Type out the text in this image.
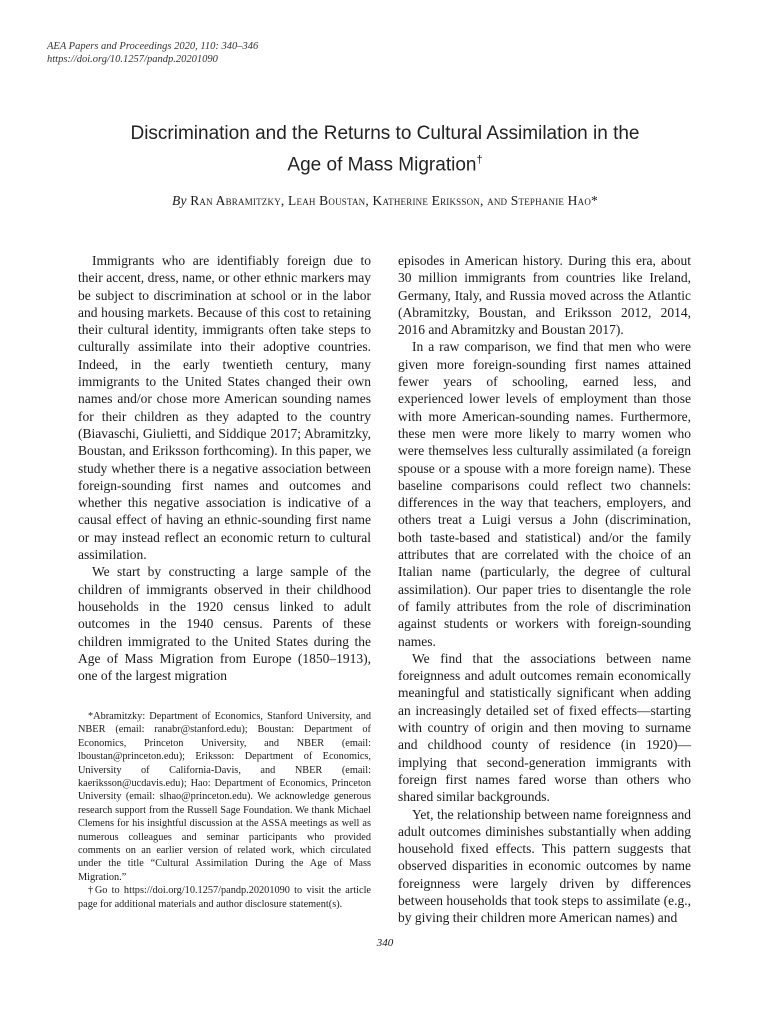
AEA Papers and Proceedings 2020, 110: 340–346
https://doi.org/10.1257/pandp.20201090
Discrimination and the Returns to Cultural Assimilation in the
Age of Mass Migration†
By Ran Abramitzky, Leah Boustan, Katherine Eriksson, and Stephanie Hao*

Immigrants who are identifiably foreign due to their accent, dress, name, or other ethnic markers may be subject to discrimination at school or in the labor and housing markets. Because of this cost to retaining their cultural identity, immigrants often take steps to culturally assimilate into their adoptive countries. Indeed, in the early twentieth century, many immigrants to the United States changed their own names and/or chose more American sounding names for their children as they adapted to the country (Biavaschi, Giulietti, and Siddique 2017; Abramitzky, Boustan, and Eriksson forthcoming). In this paper, we study whether there is a negative association between foreign-sounding first names and outcomes and whether this negative association is indicative of a causal effect of having an ethnic-sounding first name or may instead reflect an economic return to cultural assimilation.

We start by constructing a large sample of the children of immigrants observed in their childhood households in the 1920 census linked to adult outcomes in the 1940 census. Parents of these children immigrated to the United States during the Age of Mass Migration from Europe (1850–1913), one of the largest migration

*Abramitzky: Department of Economics, Stanford University, and NBER (email: ranabr@stanford.edu); Boustan: Department of Economics, Princeton University, and NBER (email: lboustan@princeton.edu); Eriksson: Department of Economics, University of California-Davis, and NBER (email: kaeriksson@ucdavis.edu); Hao: Department of Economics, Princeton University (email: slhao@princeton.edu). We acknowledge generous research support from the Russell Sage Foundation. We thank Michael Clemens for his insightful discussion at the ASSA meetings as well as numerous colleagues and seminar participants who provided comments on an earlier version of related work, which circulated under the title “Cultural Assimilation During the Age of Mass Migration.”

†Go to https://doi.org/10.1257/pandp.20201090 to visit the article page for additional materials and author disclosure statement(s).

episodes in American history. During this era, about 30 million immigrants from countries like Ireland, Germany, Italy, and Russia moved across the Atlantic (Abramitzky, Boustan, and Eriksson 2012, 2014, 2016 and Abramitzky and Boustan 2017).

In a raw comparison, we find that men who were given more foreign-sounding first names attained fewer years of schooling, earned less, and experienced lower levels of employment than those with more American-sounding names. Furthermore, these men were more likely to marry women who were themselves less culturally assimilated (a foreign spouse or a spouse with a more foreign name). These baseline comparisons could reflect two channels: differences in the way that teachers, employers, and others treat a Luigi versus a John (discrimination, both taste-based and statistical) and/or the family attributes that are correlated with the choice of an Italian name (particularly, the degree of cultural assimilation). Our paper tries to disentangle the role of family attributes from the role of discrimination against students or workers with foreign-sounding names.

We find that the associations between name foreignness and adult outcomes remain economically meaningful and statistically significant when adding an increasingly detailed set of fixed effects—starting with country of origin and then moving to surname and childhood county of residence (in 1920)—implying that second-generation immigrants with foreign first names fared worse than others who shared similar backgrounds.

Yet, the relationship between name foreignness and adult outcomes diminishes substantially when adding household fixed effects. This pattern suggests that observed disparities in economic outcomes by name foreignness were largely driven by differences between households that took steps to assimilate (e.g., by giving their children more American names) and

340
